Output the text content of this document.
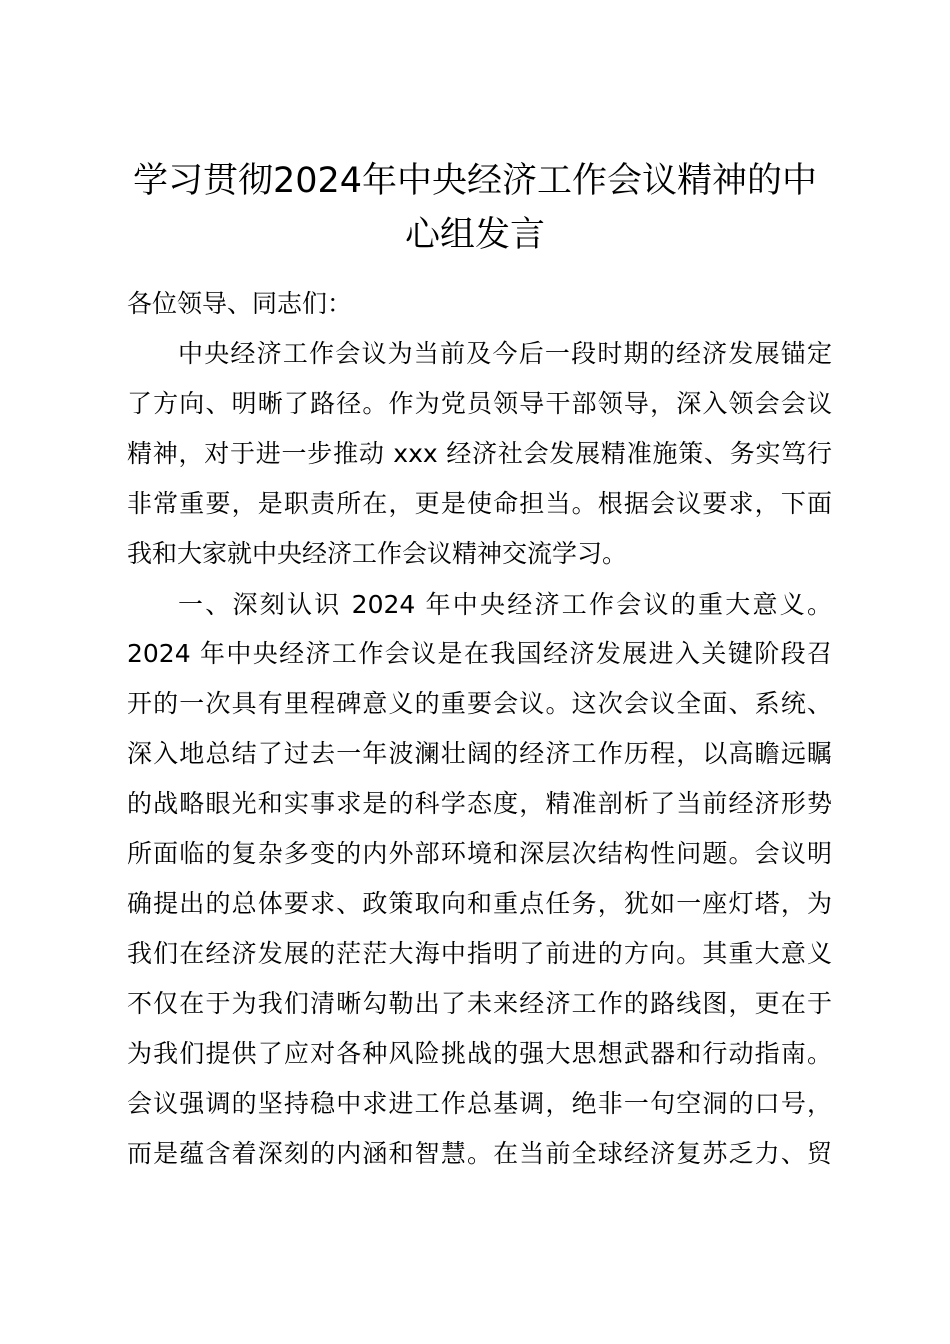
学习贯彻2024年中央经济工作会议精神的中
心组发言

各位领导、同志们：

中央经济工作会议为当前及今后一段时期的经济发展锚定

了方向、明晰了路径。作为党员领导干部领导，深入领会会议

精神，对于进一步推动 xxx 经济社会发展精准施策、务实笃行

非常重要，是职责所在，更是使命担当。根据会议要求，下面

我和大家就中央经济工作会议精神交流学习。

一、深刻认识 2024 年中央经济工作会议的重大意义。

2024 年中央经济工作会议是在我国经济发展进入关键阶段召

开的一次具有里程碑意义的重要会议。这次会议全面、系统、

深入地总结了过去一年波澜壮阔的经济工作历程，以高瞻远瞩

的战略眼光和实事求是的科学态度，精准剖析了当前经济形势

所面临的复杂多变的内外部环境和深层次结构性问题。会议明

确提出的总体要求、政策取向和重点任务，犹如一座灯塔，为

我们在经济发展的茫茫大海中指明了前进的方向。其重大意义

不仅在于为我们清晰勾勒出了未来经济工作的路线图，更在于

为我们提供了应对各种风险挑战的强大思想武器和行动指南。

会议强调的坚持稳中求进工作总基调，绝非一句空洞的口号，

而是蕴含着深刻的内涵和智慧。在当前全球经济复苏乏力、贸
